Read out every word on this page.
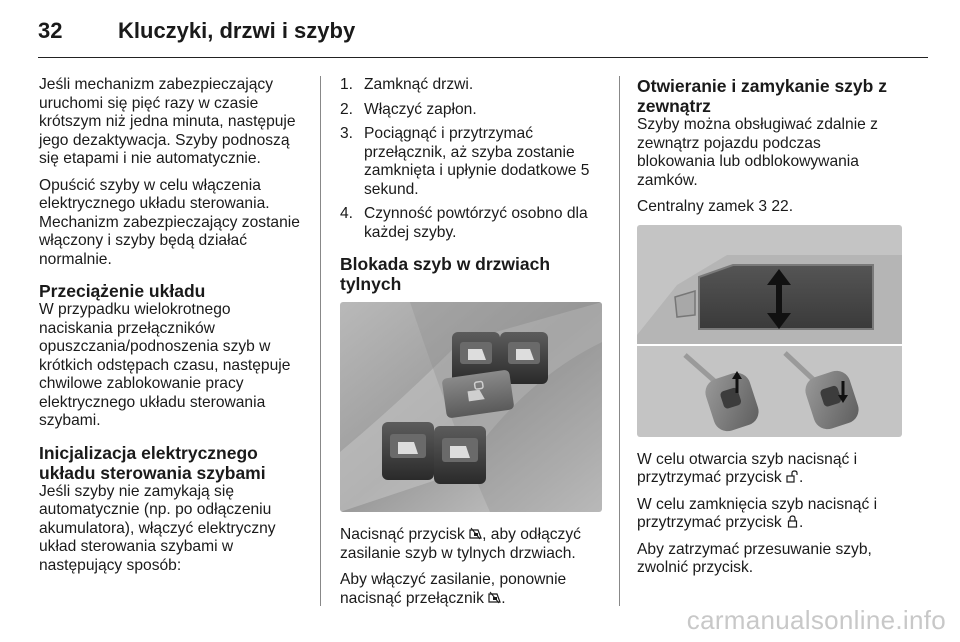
32	Kluczyki, drzwi i szyby

Jeśli mechanizm zabezpieczający uruchomi się pięć razy w czasie krótszym niż jedna minuta, następuje jego dezaktywacja. Szyby podnoszą się etapami i nie automatycznie.

Opuścić szyby w celu włączenia elektrycznego układu sterowania. Mechanizm zabezpieczający zostanie włączony i szyby będą działać normalnie.

Przeciążenie układu

W przypadku wielokrotnego naciskania przełączników opuszczania/podnoszenia szyb w krótkich odstępach czasu, następuje chwilowe zablokowanie pracy elektrycznego układu sterowania szybami.

Inicjalizacja elektrycznego układu sterowania szybami

Jeśli szyby nie zamykają się automatycznie (np. po odłączeniu akumulatora), włączyć elektryczny układ sterowania szybami w następujący sposób:

1. Zamknąć drzwi.
2. Włączyć zapłon.
3. Pociągnąć i przytrzymać przełącznik, aż szyba zostanie zamknięta i upłynie dodatkowe 5 sekund.
4. Czynność powtórzyć osobno dla każdej szyby.
Blokada szyb w drzwiach tylnych

Nacisnąć przycisk , aby odłączyć zasilanie szyb w tylnych drzwiach.

Aby włączyć zasilanie, ponownie nacisnąć przełącznik .

Otwieranie i zamykanie szyb z zewnątrz

Szyby można obsługiwać zdalnie z zewnątrz pojazdu podczas blokowania lub odblokowywania zamków.

Centralny zamek 3 22.

W celu otwarcia szyb nacisnąć i przytrzymać przycisk .

W celu zamknięcia szyb nacisnąć i przytrzymać przycisk .

Aby zatrzymać przesuwanie szyb, zwolnić przycisk.

carmanualsonline.info
